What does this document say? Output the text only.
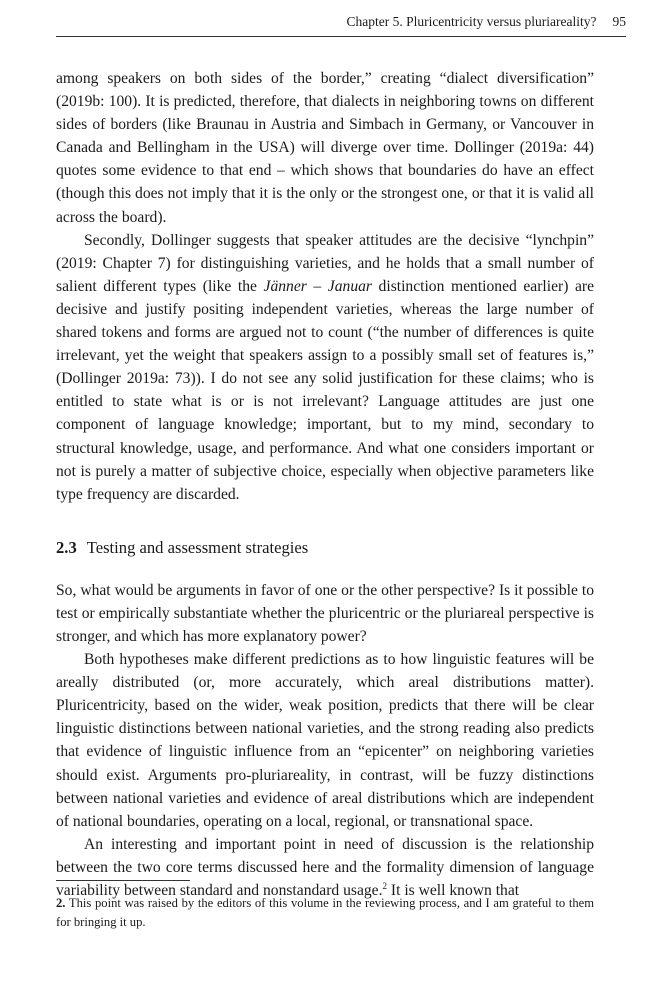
Chapter 5. Pluricentricity versus pluriareality? 95

among speakers on both sides of the border,” creating “dialect diversification” (2019b: 100). It is predicted, therefore, that dialects in neighboring towns on different sides of borders (like Braunau in Austria and Simbach in Germany, or Vancouver in Canada and Bellingham in the USA) will diverge over time. Dollinger (2019a: 44) quotes some evidence to that end – which shows that boundaries do have an effect (though this does not imply that it is the only or the strongest one, or that it is valid all across the board).

Secondly, Dollinger suggests that speaker attitudes are the decisive “lynchpin” (2019: Chapter 7) for distinguishing varieties, and he holds that a small number of salient different types (like the Jänner – Januar distinction mentioned earlier) are decisive and justify positing independent varieties, whereas the large number of shared tokens and forms are argued not to count (“the number of differences is quite irrelevant, yet the weight that speakers assign to a possibly small set of features is,” (Dollinger 2019a: 73)). I do not see any solid justification for these claims; who is entitled to state what is or is not irrelevant? Language attitudes are just one component of language knowledge; important, but to my mind, secondary to structural knowledge, usage, and performance. And what one considers important or not is purely a matter of subjective choice, especially when objective parameters like type frequency are discarded.

2.3 Testing and assessment strategies

So, what would be arguments in favor of one or the other perspective? Is it possible to test or empirically substantiate whether the pluricentric or the pluriareal perspective is stronger, and which has more explanatory power?

Both hypotheses make different predictions as to how linguistic features will be areally distributed (or, more accurately, which areal distributions matter). Pluricentricity, based on the wider, weak position, predicts that there will be clear linguistic distinctions between national varieties, and the strong reading also predicts that evidence of linguistic influence from an “epicenter” on neighboring varieties should exist. Arguments pro-pluriareality, in contrast, will be fuzzy distinctions between national varieties and evidence of areal distributions which are independent of national boundaries, operating on a local, regional, or transnational space.

An interesting and important point in need of discussion is the relationship between the two core terms discussed here and the formality dimension of language variability between standard and nonstandard usage.$^2$ It is well known that

2. This point was raised by the editors of this volume in the reviewing process, and I am grateful to them for bringing it up.
